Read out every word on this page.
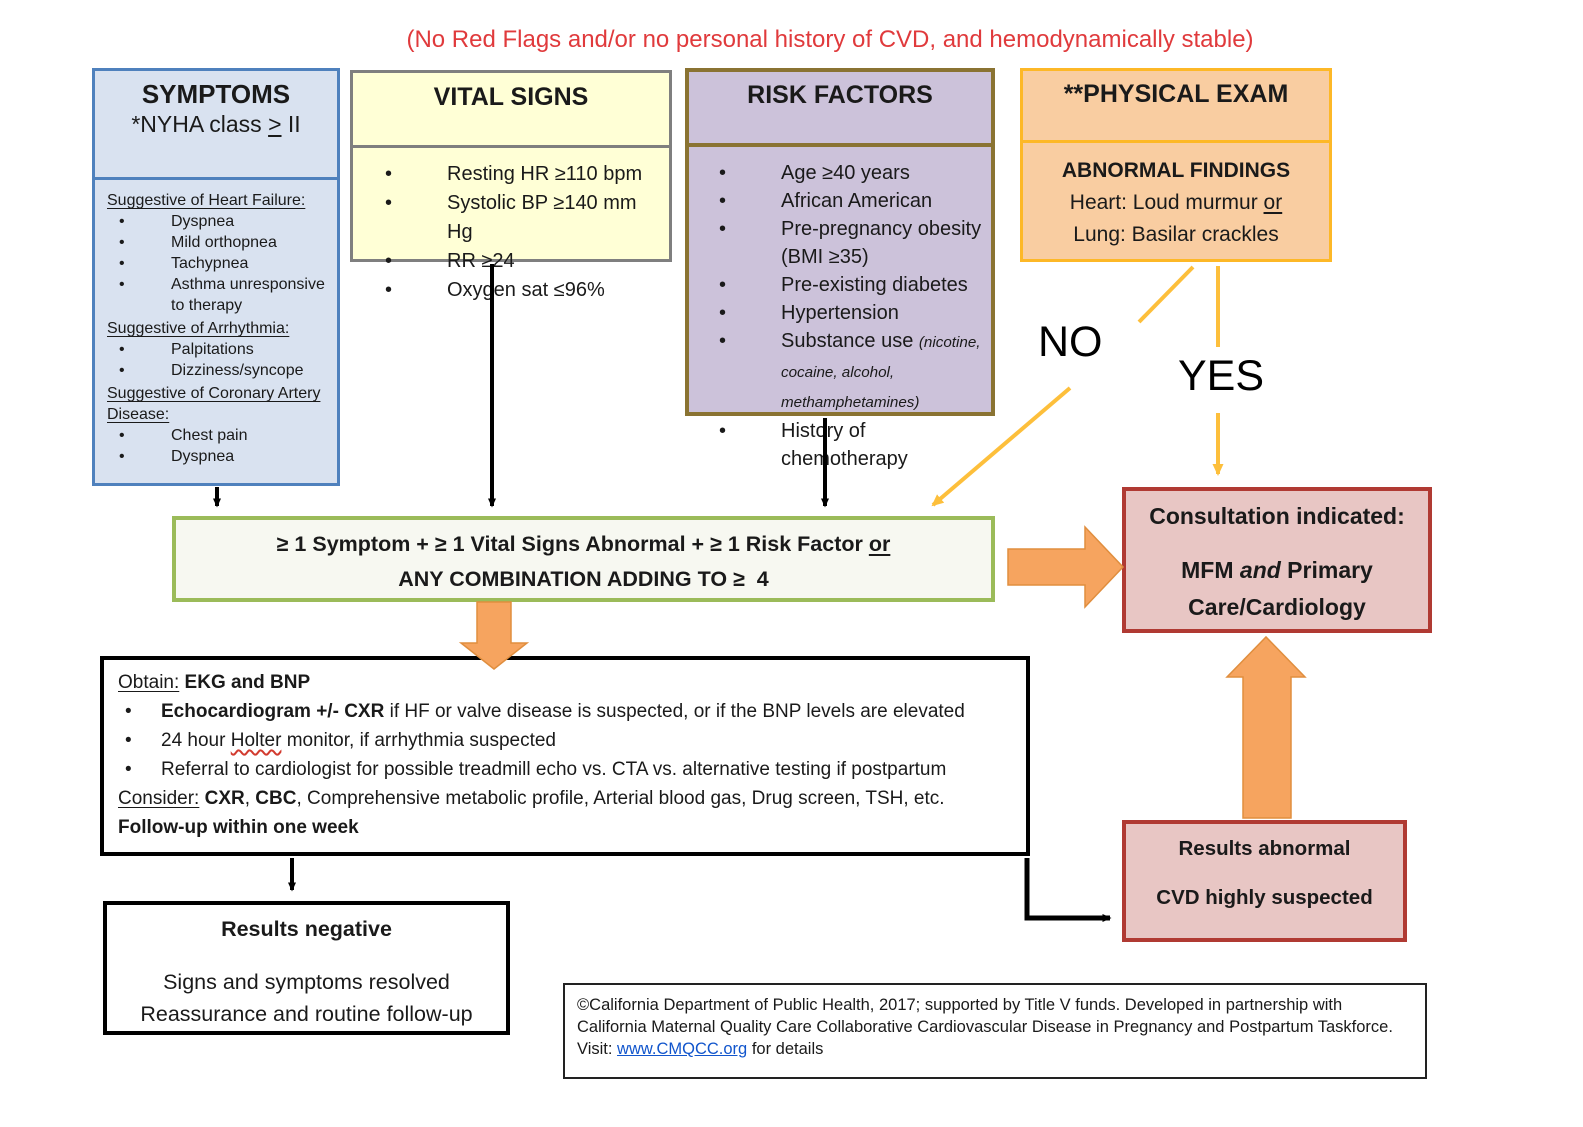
(No Red Flags and/or no personal history of CVD, and hemodynamically stable)
SYMPTOMS
*NYHA class > II
Suggestive of Heart Failure:
•	Dyspnea
•	Mild orthopnea
•	Tachypnea
•	Asthma unresponsive to therapy
Suggestive of Arrhythmia:
•	Palpitations
•	Dizziness/syncope
Suggestive of Coronary Artery Disease:
•	Chest pain
•	Dyspnea
VITAL SIGNS
•	Resting HR ≥110 bpm
•	Systolic BP ≥140 mm Hg
•	RR ≥24
•	Oxygen sat ≤96%
RISK FACTORS
•	Age ≥40 years
•	African American
•	Pre-pregnancy obesity (BMI ≥35)
•	Pre-existing diabetes
•	Hypertension
•	Substance use (nicotine, cocaine, alcohol, methamphetamines)
•	History of chemotherapy
**PHYSICAL EXAM
ABNORMAL FINDINGS
Heart: Loud murmur or
Lung: Basilar crackles
≥ 1 Symptom + ≥ 1 Vital Signs Abnormal + ≥ 1 Risk Factor or
ANY COMBINATION ADDING TO ≥  4
NO
YES
Consultation indicated:
MFM and Primary
Care/Cardiology
Obtain: EKG and BNP
•	Echocardiogram +/- CXR if HF or valve disease is suspected, or if the BNP levels are elevated
•	24 hour Holter monitor, if arrhythmia suspected
•	Referral to cardiologist for possible treadmill echo vs. CTA vs. alternative testing if postpartum
Consider: CXR, CBC, Comprehensive metabolic profile, Arterial blood gas, Drug screen, TSH, etc.
Follow-up within one week
Results negative
Signs and symptoms resolved
Reassurance and routine follow-up
Results abnormal
CVD highly suspected
©California Department of Public Health, 2017; supported by Title V funds. Developed in partnership with California Maternal Quality Care Collaborative Cardiovascular Disease in Pregnancy and Postpartum Taskforce. Visit: www.CMQCC.org for details
